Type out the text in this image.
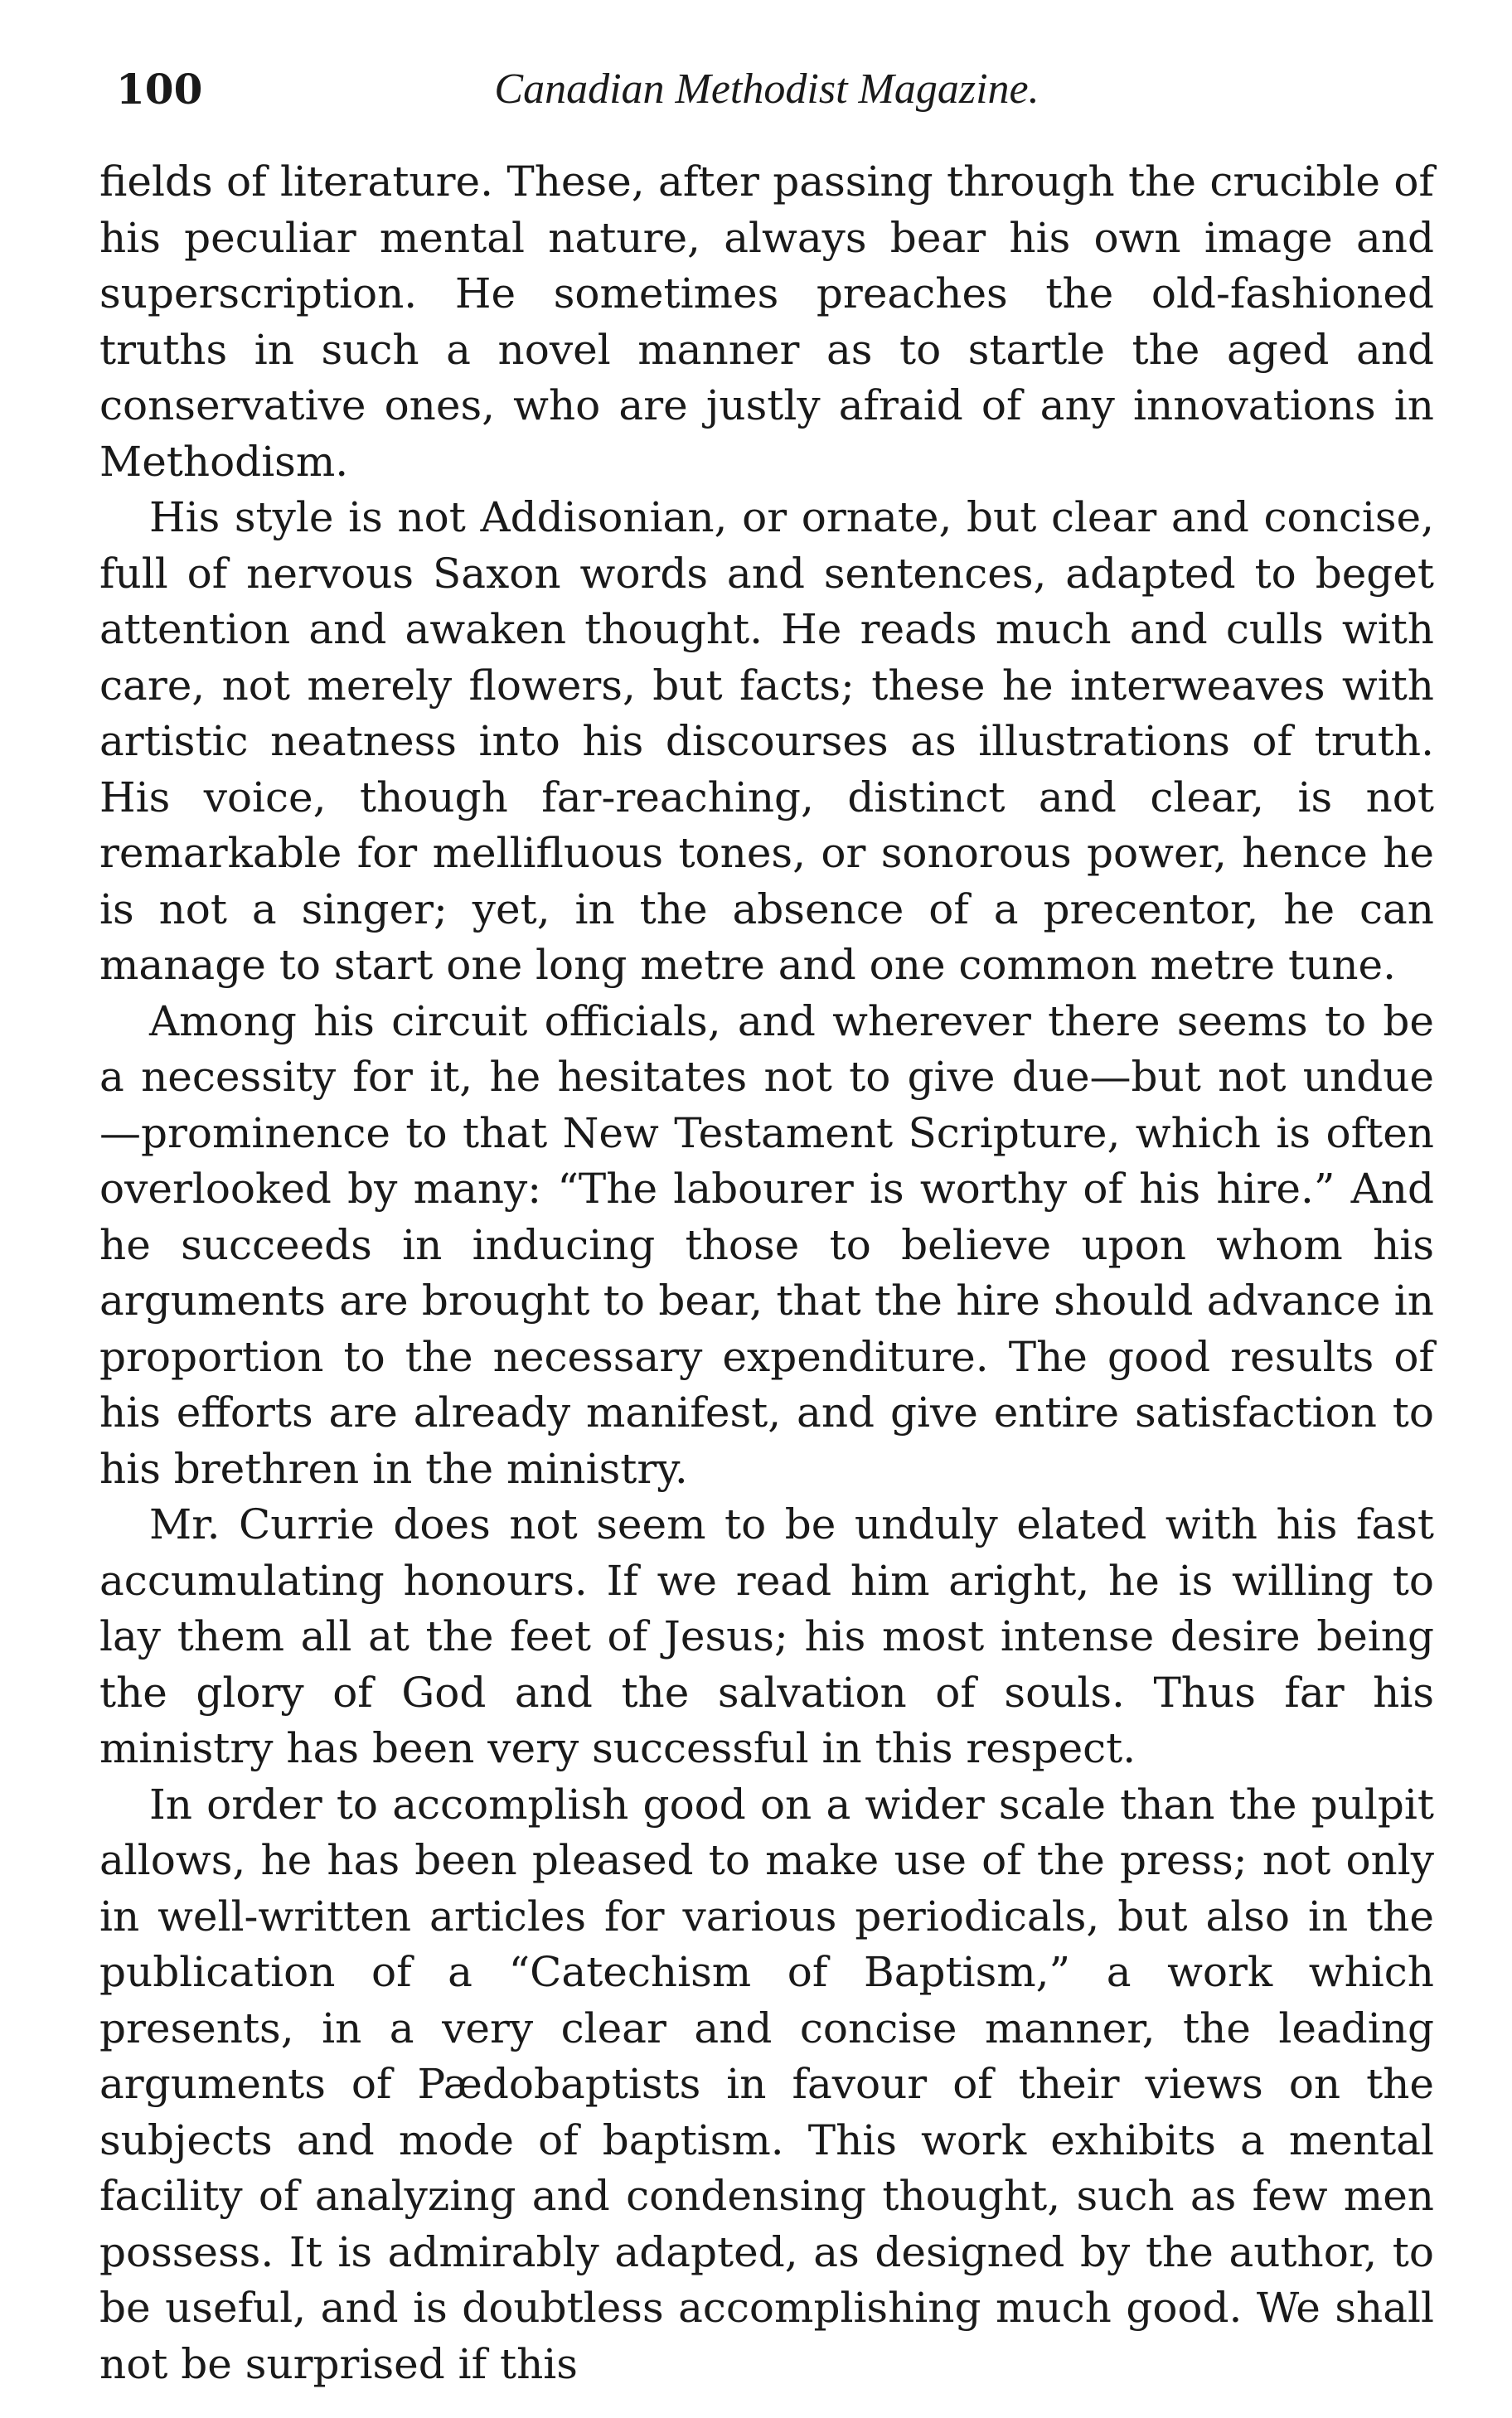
100	Canadian Methodist Magazine.

fields of literature. These, after passing through the crucible of his peculiar mental nature, always bear his own image and superscription. He sometimes preaches the old-fashioned truths in such a novel manner as to startle the aged and conservative ones, who are justly afraid of any innovations in Methodism.

His style is not Addisonian, or ornate, but clear and concise, full of nervous Saxon words and sentences, adapted to beget attention and awaken thought. He reads much and culls with care, not merely flowers, but facts; these he interweaves with artistic neatness into his discourses as illustrations of truth. His voice, though far-reaching, distinct and clear, is not remarkable for mellifluous tones, or sonorous power, hence he is not a singer; yet, in the absence of a precentor, he can manage to start one long metre and one common metre tune.

Among his circuit officials, and wherever there seems to be a necessity for it, he hesitates not to give due—but not undue—prominence to that New Testament Scripture, which is often overlooked by many: “The labourer is worthy of his hire.” And he succeeds in inducing those to believe upon whom his arguments are brought to bear, that the hire should advance in proportion to the necessary expenditure. The good results of his efforts are already manifest, and give entire satisfaction to his brethren in the ministry.

Mr. Currie does not seem to be unduly elated with his fast accumulating honours. If we read him aright, he is willing to lay them all at the feet of Jesus; his most intense desire being the glory of God and the salvation of souls. Thus far his ministry has been very successful in this respect.

In order to accomplish good on a wider scale than the pulpit allows, he has been pleased to make use of the press; not only in well-written articles for various periodicals, but also in the publication of a “Catechism of Baptism,” a work which presents, in a very clear and concise manner, the leading arguments of Pædobaptists in favour of their views on the subjects and mode of baptism. This work exhibits a mental facility of analyzing and condensing thought, such as few men possess. It is admirably adapted, as designed by the author, to be useful, and is doubtless accomplishing much good. We shall not be surprised if this
